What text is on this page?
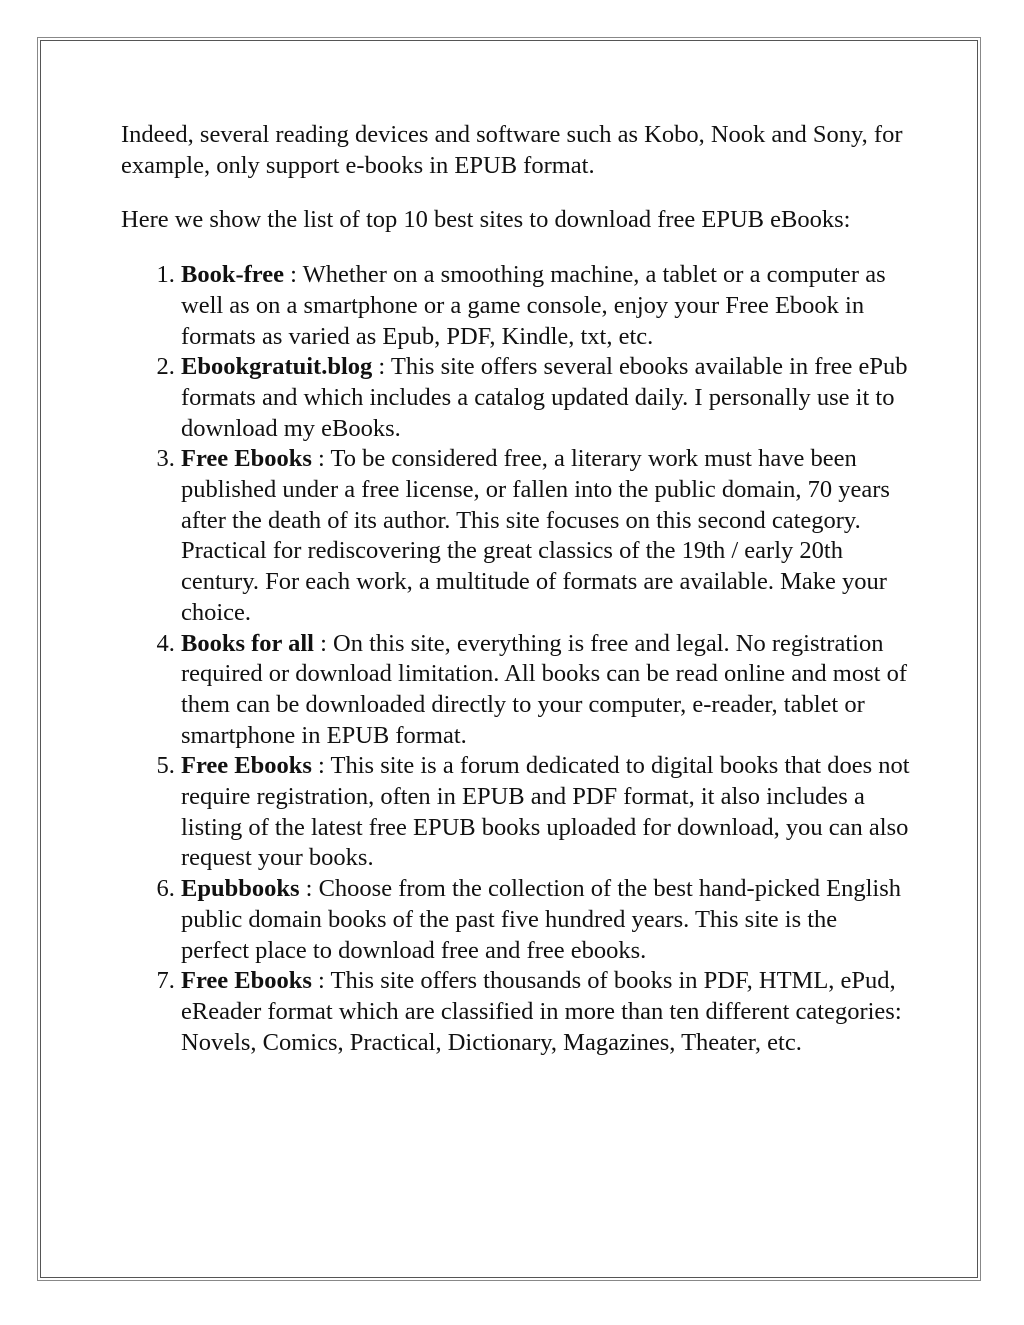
Indeed, several reading devices and software such as Kobo, Nook and Sony, for example, only support e-books in EPUB format.

Here we show the list of top 10 best sites to download free EPUB eBooks:

1. Book-free : Whether on a smoothing machine, a tablet or a computer as well as on a smartphone or a game console, enjoy your Free Ebook in formats as varied as Epub, PDF, Kindle, txt, etc.
2. Ebookgratuit.blog : This site offers several ebooks available in free ePub formats and which includes a catalog updated daily. I personally use it to download my eBooks.
3. Free Ebooks : To be considered free, a literary work must have been published under a free license, or fallen into the public domain, 70 years after the death of its author. This site focuses on this second category. Practical for rediscovering the great classics of the 19th / early 20th century. For each work, a multitude of formats are available. Make your choice.
4. Books for all : On this site, everything is free and legal. No registration required or download limitation. All books can be read online and most of them can be downloaded directly to your computer, e-reader, tablet or smartphone in EPUB format.
5. Free Ebooks : This site is a forum dedicated to digital books that does not require registration, often in EPUB and PDF format, it also includes a listing of the latest free EPUB books uploaded for download, you can also request your books.
6. Epubbooks : Choose from the collection of the best hand-picked English public domain books of the past five hundred years. This site is the perfect place to download free and free ebooks.
7. Free Ebooks : This site offers thousands of books in PDF, HTML, ePud, eReader format which are classified in more than ten different categories: Novels, Comics, Practical, Dictionary, Magazines, Theater, etc.
